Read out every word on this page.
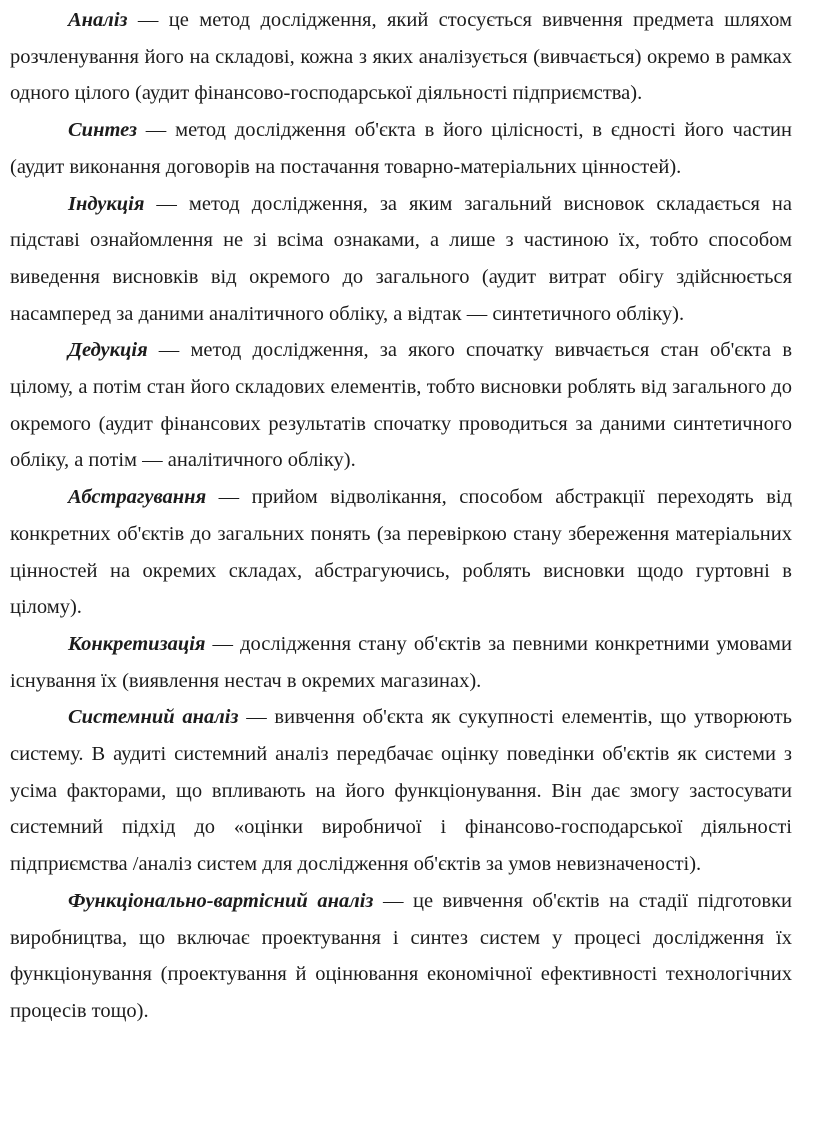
Аналіз — це метод дослідження, який стосується вивчення предмета шляхом розчленування його на складові, кожна з яких аналізується (вивчається) окремо в рамках одного цілого (аудит фінансово-господарської діяльності підприємства).

Синтез — метод дослідження об'єкта в його цілісності, в єдності його частин (аудит виконання договорів на постачання товарно-матеріальних цінностей).

Індукція — метод дослідження, за яким загальний висновок складається на підставі ознайомлення не зі всіма ознаками, а лише з частиною їх, тобто способом виведення висновків від окремого до загального (аудит витрат обігу здійснюється насамперед за даними аналітичного обліку, а відтак — синтетичного обліку).

Дедукція — метод дослідження, за якого спочатку вивчається стан об'єкта в цілому, а потім стан його складових елементів, тобто висновки роблять від загального до окремого (аудит фінансових результатів спочатку проводиться за даними синтетичного обліку, а потім — аналітичного обліку).

Абстрагування — прийом відволікання, способом абстракції переходять від конкретних об'єктів до загальних понять (за перевіркою стану збереження матеріальних цінностей на окремих складах, абстрагуючись, роблять висновки щодо гуртовні в цілому).

Конкретизація — дослідження стану об'єктів за певними конкретними умовами існування їх (виявлення нестач в окремих магазинах).

Системний аналіз — вивчення об'єкта як сукупності елементів, що утворюють систему. В аудиті системний аналіз передбачає оцінку поведінки об'єктів як системи з усіма факторами, що впливають на його функціонування. Він дає змогу застосувати системний підхід до «оцінки виробничої і фінансово-господарської діяльності підприємства /аналіз систем для дослідження об'єктів за умов невизначеності).

Функціонально-вартісний аналіз — це вивчення об'єктів на стадії підготовки виробництва, що включає проектування і синтез систем у процесі дослідження їх функціонування (проектування й оцінювання економічної ефективності технологічних процесів тощо).
